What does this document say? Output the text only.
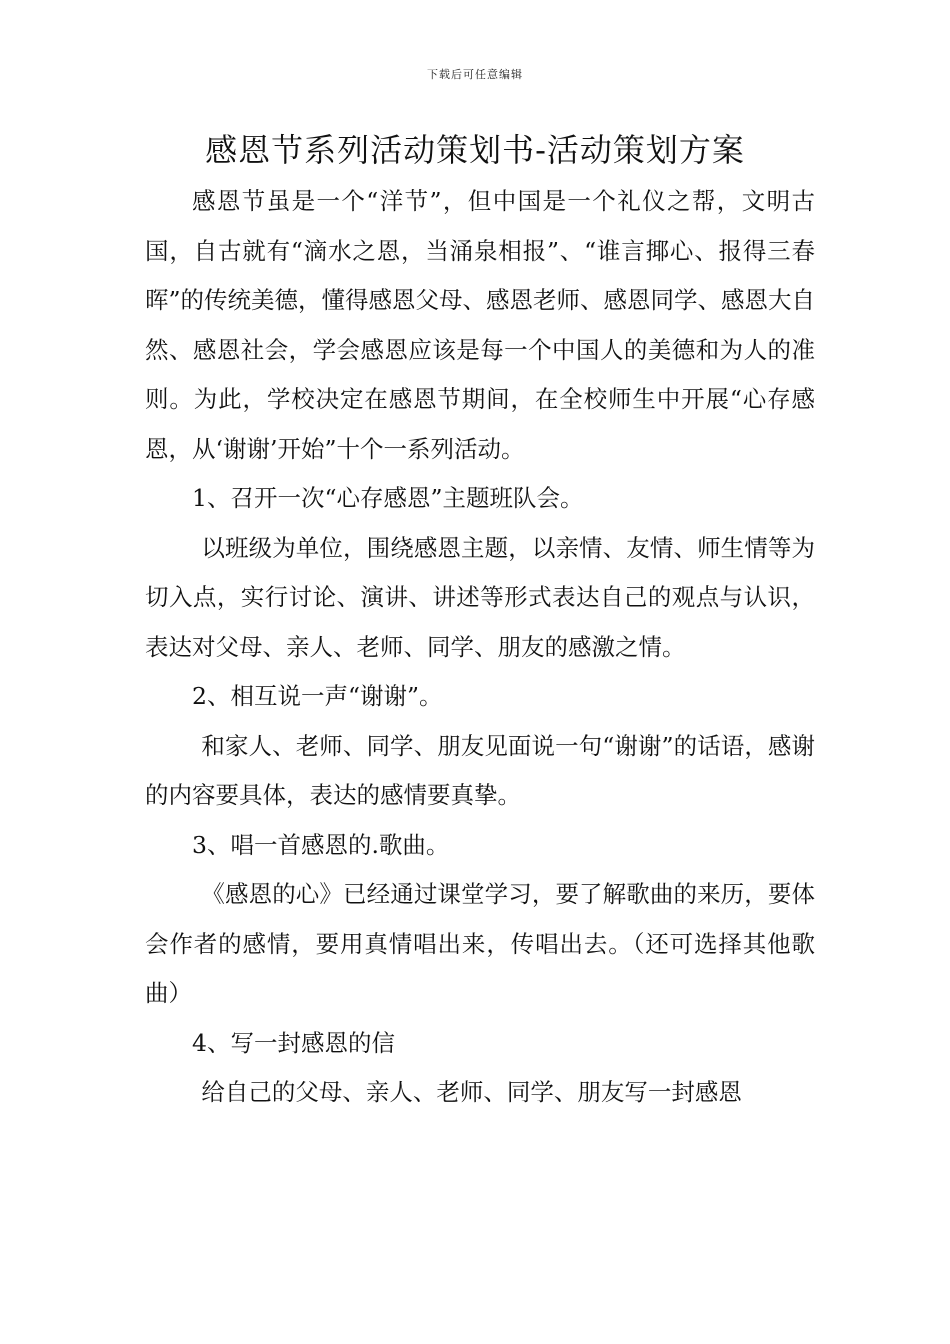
下载后可任意编辑
感恩节系列活动策划书-活动策划方案

感恩节虽是一个“洋节”，但中国是一个礼仪之帮，文明古国，自古就有“滴水之恩，当涌泉相报”、“谁言揶心、报得三春晖”的传统美德，懂得感恩父母、感恩老师、感恩同学、感恩大自然、感恩社会，学会感恩应该是每一个中国人的美德和为人的准则。为此，学校决定在感恩节期间，在全校师生中开展“心存感恩，从‘谢谢’开始”十个一系列活动。

1、召开一次“心存感恩”主题班队会。

以班级为单位，围绕感恩主题，以亲情、友情、师生情等为切入点，实行讨论、演讲、讲述等形式表达自己的观点与认识，表达对父母、亲人、老师、同学、朋友的感激之情。

2、相互说一声“谢谢”。

和家人、老师、同学、朋友见面说一句“谢谢”的话语，感谢的内容要具体，表达的感情要真挚。

3、唱一首感恩的.歌曲。

《感恩的心》已经通过课堂学习，要了解歌曲的来历，要体会作者的感情，要用真情唱出来，传唱出去。（还可选择其他歌曲）

4、写一封感恩的信

给自己的父母、亲人、老师、同学、朋友写一封感恩
